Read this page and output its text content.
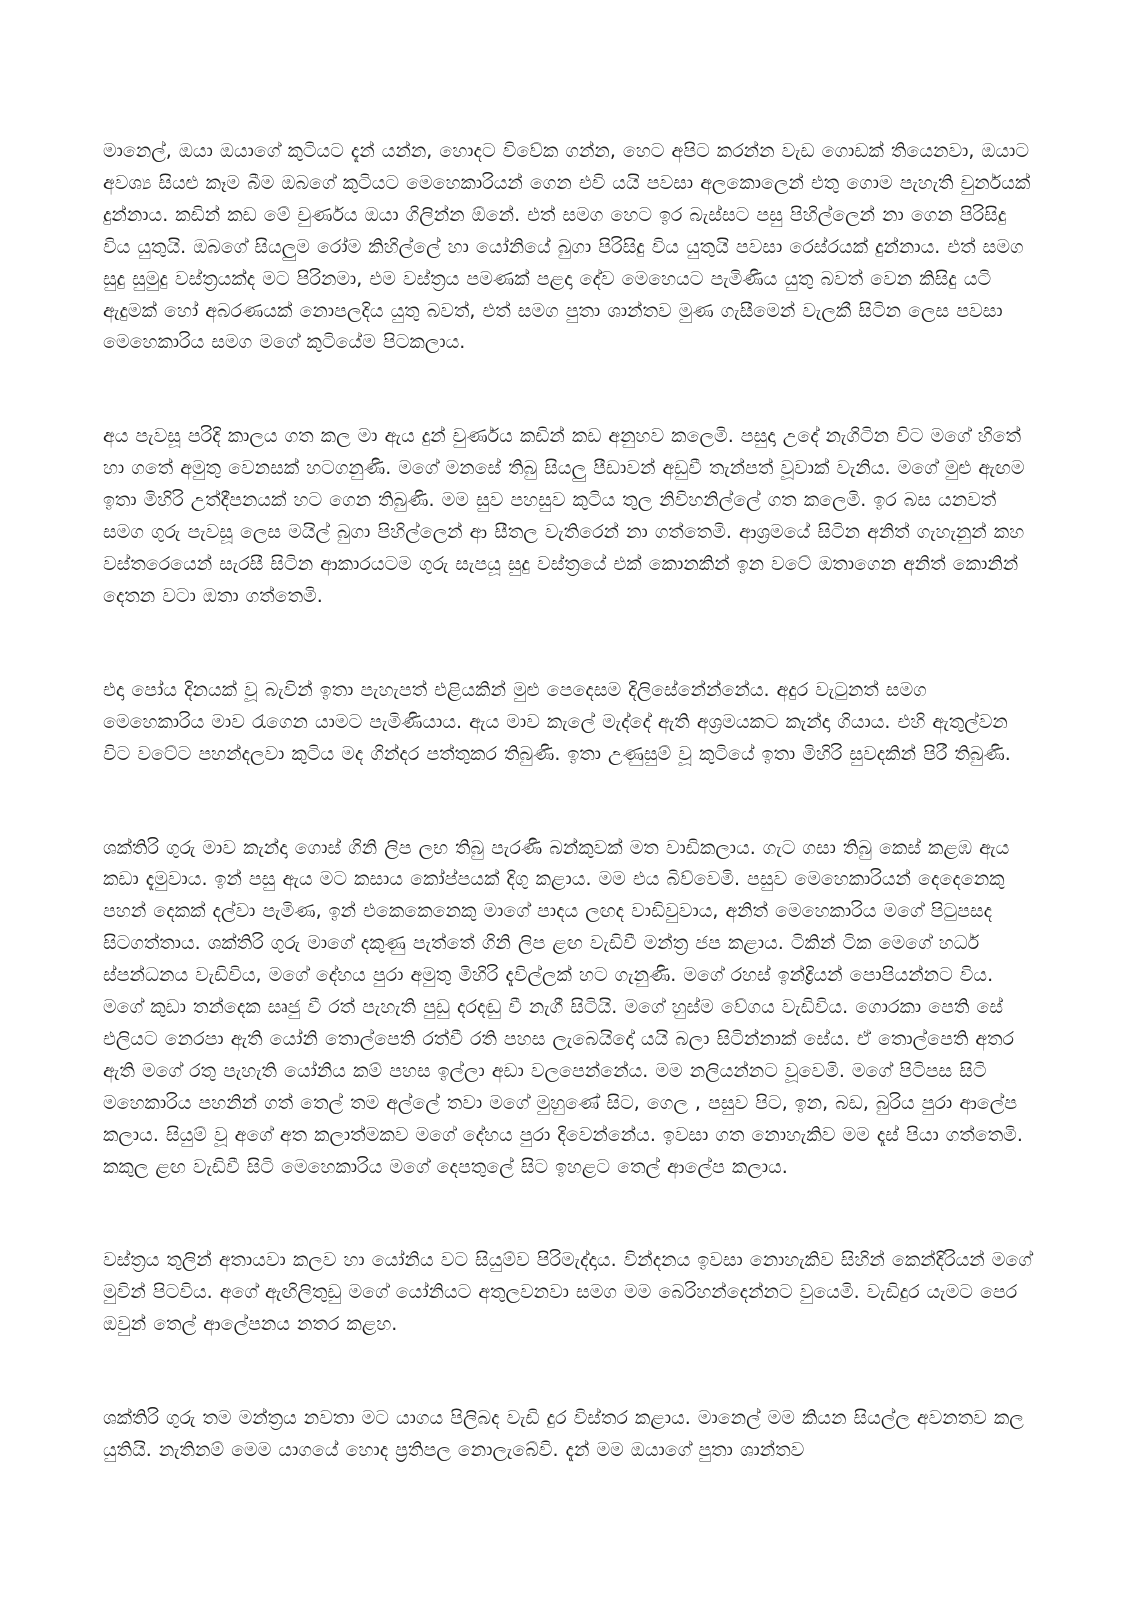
මානෙල්, ඔයා ඔයාගේ කුටියට දැන් යන්න, හොදට විවේක ගන්න, හෙට අපිට කරන්න වැඩ ගොඩක් තියෙනවා, ඔයාට අවශ්‍ය සියළු කෑම බීම ඔබගේ කුටියට මෙහෙකාරියන් ගෙන එවි යයි පවසා අලකොලෙන් එතු ගොම පැහැති චුර්නයක් දුන්නාය. කඩින් කඩ මේ චුර්ණය ඔයා ගිලින්න ඕනේ. එත් සමග හෙට ඉර බැස්සට පසු පිහිල්ලෙන් නා ගෙන පිරිසිදු විය යුතුයි. ඔබගේ සියලුම රෝම කිහිල්ලේ හා යෝනියේ බුගා පිරිසිදු විය යුතුයි පවසා රෙස්රයක් දුන්නාය. එත් සමග සුදු සුමුදු වස්ත්‍රයක්ද මට පිරිනමා, එම වස්ත්‍රය පමණක් පළදා දේව මෙහෙයට පැමිණිය යුතු බවත් වෙන කිසිදු යටි ඇදුමක් හෝ අබරණයක් නොපලදිය යුතු බවත්, එත් සමග පුතා ශාන්තව මුණ ගැසීමෙන් වැලකී සිටින ලෙස පවසා මෙහෙකාරිය සමග මගේ කුටියේම පිටකලාය.

අය පැවසූ පරිදි කාලය ගත කල මා ඇය දුන් චුර්ණය කඩින් කඩ අනුහව කලෙමි. පසුදා උදේ නැගිටින විට මගේ හිතේ හා ගතේ අමුතු වෙනසක් හටගනුණි. මගේ මනසේ තිබු සියලු පීඩාවන් අඩුවී තැන්පත් වූවාක් වැනිය. මගේ මුළු ඇඟම ඉතා මිහිරි උත්දීපනයක් හට ගෙන තිබුණි. මම සුව පහසුව කුටිය තුල නිවිහනිල්ලේ ගත කලෙමි. ඉර බස යනවත් සමග ගුරු පැවසූ ලෙස මයිල් බුගා පිහිල්ලෙන් ආ සීතල වැතිරෙන් නා ගත්තෙමි. ආශ්‍රමයේ සිටින අනිත් ගැහැනුන් කහ වස්තරෙයෙන් සැරසී සිටින ආකාරයටම ගුරු සැපයූ සුදු වස්ත්‍රයේ එක් කොනකින් ඉන වටේ ඔතාගෙන අනිත් කොනින් දෙතන වටා ඔතා ගත්තෙමි.

එදා පෝය දිනයක් වූ බැවින් ඉතා පැහැපත් එළියකින් මුළු පෙදෙසම දිලිසේනේන්නේය. අදුර වැටුනත් සමග මෙහෙකාරිය මාව රැගෙන යාමට පැමිණියාය. ඇය මාව කැලේ මැද්දේ ඇති අශ්‍රමයකට කැන්දා ගියාය. එහි ඇතුල්වන විට වටේට පහන්දලවා කුටිය මද ගින්දර පත්තුකර තිබුණි. ඉතා උණුසුම් වූ කුටියේ ඉතා මිහිරි සුවදකින් පිරී තිබුණි.

ශක්තිරි ගුරු මාව කැන්දා ගොස් ගිනි ලිප ලභ තිබු පැරණි බන්කුවක් මත වාඩිකලාය. ගැට ගසා තිබු කෙස් කළඹ ඇය කඩා දැමුවාය. ඉන් පසු ඇය මට කසාය කෝප්පයක් දිගු කළාය. මම එය බිව්වෙමි. පසුව මෙහෙකාරියන් දෙදෙනෙකු පහන් දෙකක් දල්වා පැමිණ, ඉන් එකෙකෙනෙකු මාගේ පාදය ලඟද වාඩිවුවාය, අනිත් මෙහෙකාරිය මගේ පිටුපසද සිටගත්තාය. ශක්තිරි ගුරු මාගේ දකුණු පැත්තේ ගිනි ලිප ළඟ වැඩිවී මන්ත්‍ර ජප කළාය. ටිකින් ටික මෙගේ හර්ධ ස්පන්ධනය වැඩිවිය, මගේ දේහය පුරා අමුතු මිහිරි දැවිල්ලක් හට ගැනුණි. මගේ රහස් ඉන්ද්‍රියන් පොපියන්නට විය. මගේ කුඩා තන්දෙක සෘජු වී රත් පැහැති පුඩු දරදඬු වී නැගී සිටියි. මගේ හුස්ම වේගය වැඩිවිය. ගොරකා පෙති සේ එලියට නෙරපා ඇති යෝනි තොල්පෙති රත්වී රති පහස ලැබෙයිදෝ යයි බලා සිටින්නාක් සේය. ඒ තොල්පෙති අතර ඇති මගේ රතු පැහැති යෝනිය කම් පහස ඉල්ලා අඩා වලපෙන්නේය. මම නලියන්නට වූවෙමි. මගේ පිටිපස සිටි මහෙකාරිය පහනින් ගත් තෙල් තම අල්ලේ තවා මගේ මුහුණේ සිට, ගෙල , පසුව පිට, ඉන, බඩ, බුරිය පුරා ආලේප කලාය. සියුම් වූ අගේ අත කලාත්මකව මගේ දේහය පුරා දිවෙන්නේය. ඉවසා ගත නොහැකිව මම දෑස් පියා ගත්තෙමි. කකුල ළඟ වැඩිවී සිටි මෙහෙකාරිය මගේ දෙපතුලේ සිට ඉහළට තෙල් ආලේප කලාය.

වස්ත්‍රය තුලින් අතායවා කලව හා යෝනිය වට සියුම්ව පිරිමැද්දාය. වින්දනය ඉවසා නොහැකිව සිහින් කෙන්දිරියන් මගේ මුවින් පිටවිය. අගේ ඇඟිලිතුඩු මගේ යෝනියට අතුලවනවා සමග මම බෙරිහන්දෙන්නට වුයෙමි. වැඩිදුර යැමට පෙර ඔවුන් තෙල් ආලේපනය නතර කළහ.

ශක්තිරි ගුරු තම මන්ත්‍රය නවතා මට යාගය පිලිබද වැඩි දුර විස්තර කළාය. මානෙල් මම කියන සියල්ල අවනතව කල යුතියි. නැතිනම් මෙම යාගයේ හොද ප්‍රතිපල නොලැබේවි. දැන් මම ඔයාගේ පුතා ශාන්තව
